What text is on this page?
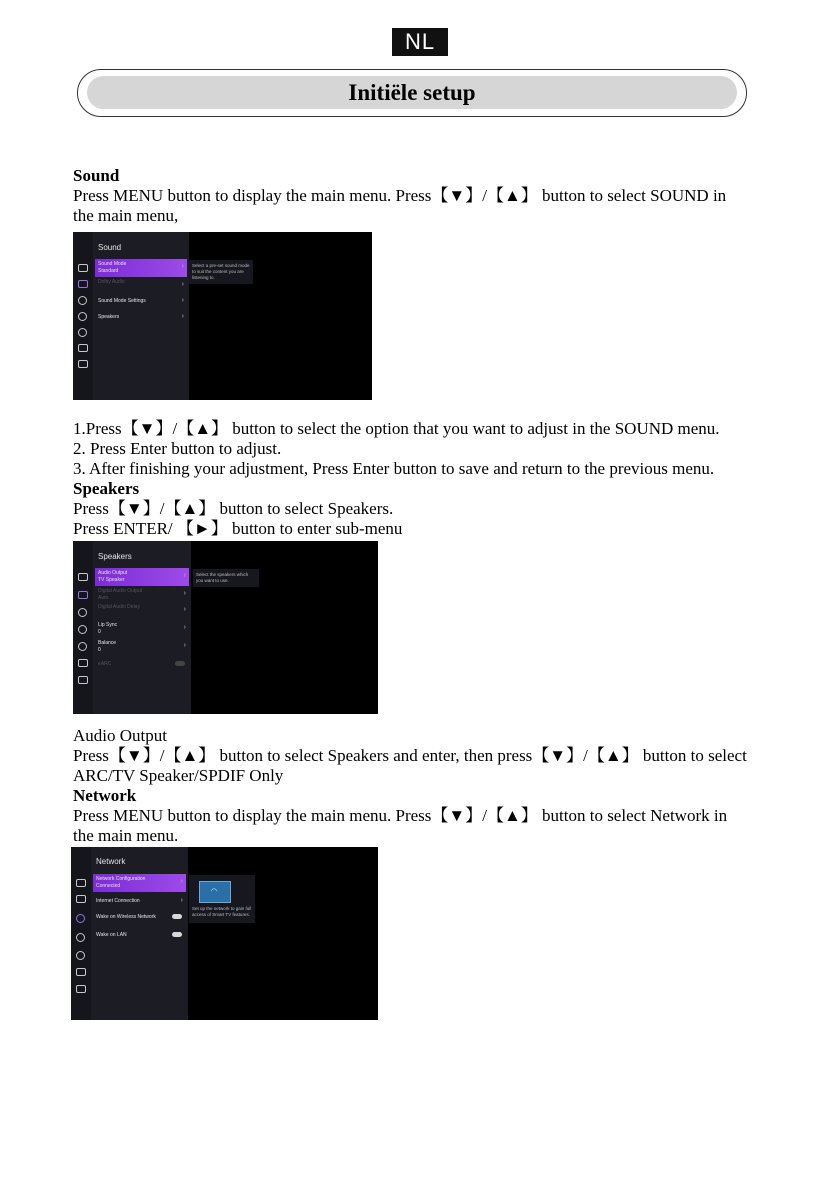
NL
Initiële setup
Sound
Press MENU button to display the main menu. Press【▼】/【▲】 button to select SOUND in
the main menu,
Sound
Sound Mode
Standard
›
Dolby Audio	›
Sound Mode Settings	›
Speakers	›
Select a pre-set sound mode to suit the content you are listening to.
1.Press【▼】/【▲】 button to select the option that you want to adjust in the SOUND menu.
2. Press Enter button to adjust.
3. After finishing your adjustment, Press Enter button to save and return to the previous menu.
Speakers
Press【▼】/【▲】 button to select Speakers.
Press ENTER/ 【►】 button to enter sub-menu
Speakers
Audio Output
TV Speaker
›
Digital Audio Output
Auto
›
Digital Audio Delay	›
Lip Sync
0
›
Balance
0
›
eARC
Select the speakers which you want to use.
Audio Output
Press【▼】/【▲】 button to select Speakers and enter, then press【▼】/【▲】 button to select
ARC/TV Speaker/SPDIF Only
Network
Press MENU button to display the main menu. Press【▼】/【▲】 button to select Network in
the main menu.
Network
Network Configuration
Connected
›
Internet Connection	›
Wake on Wireless Network
Wake on LAN
◠
Set up the network to gain full access of Smart TV features.
